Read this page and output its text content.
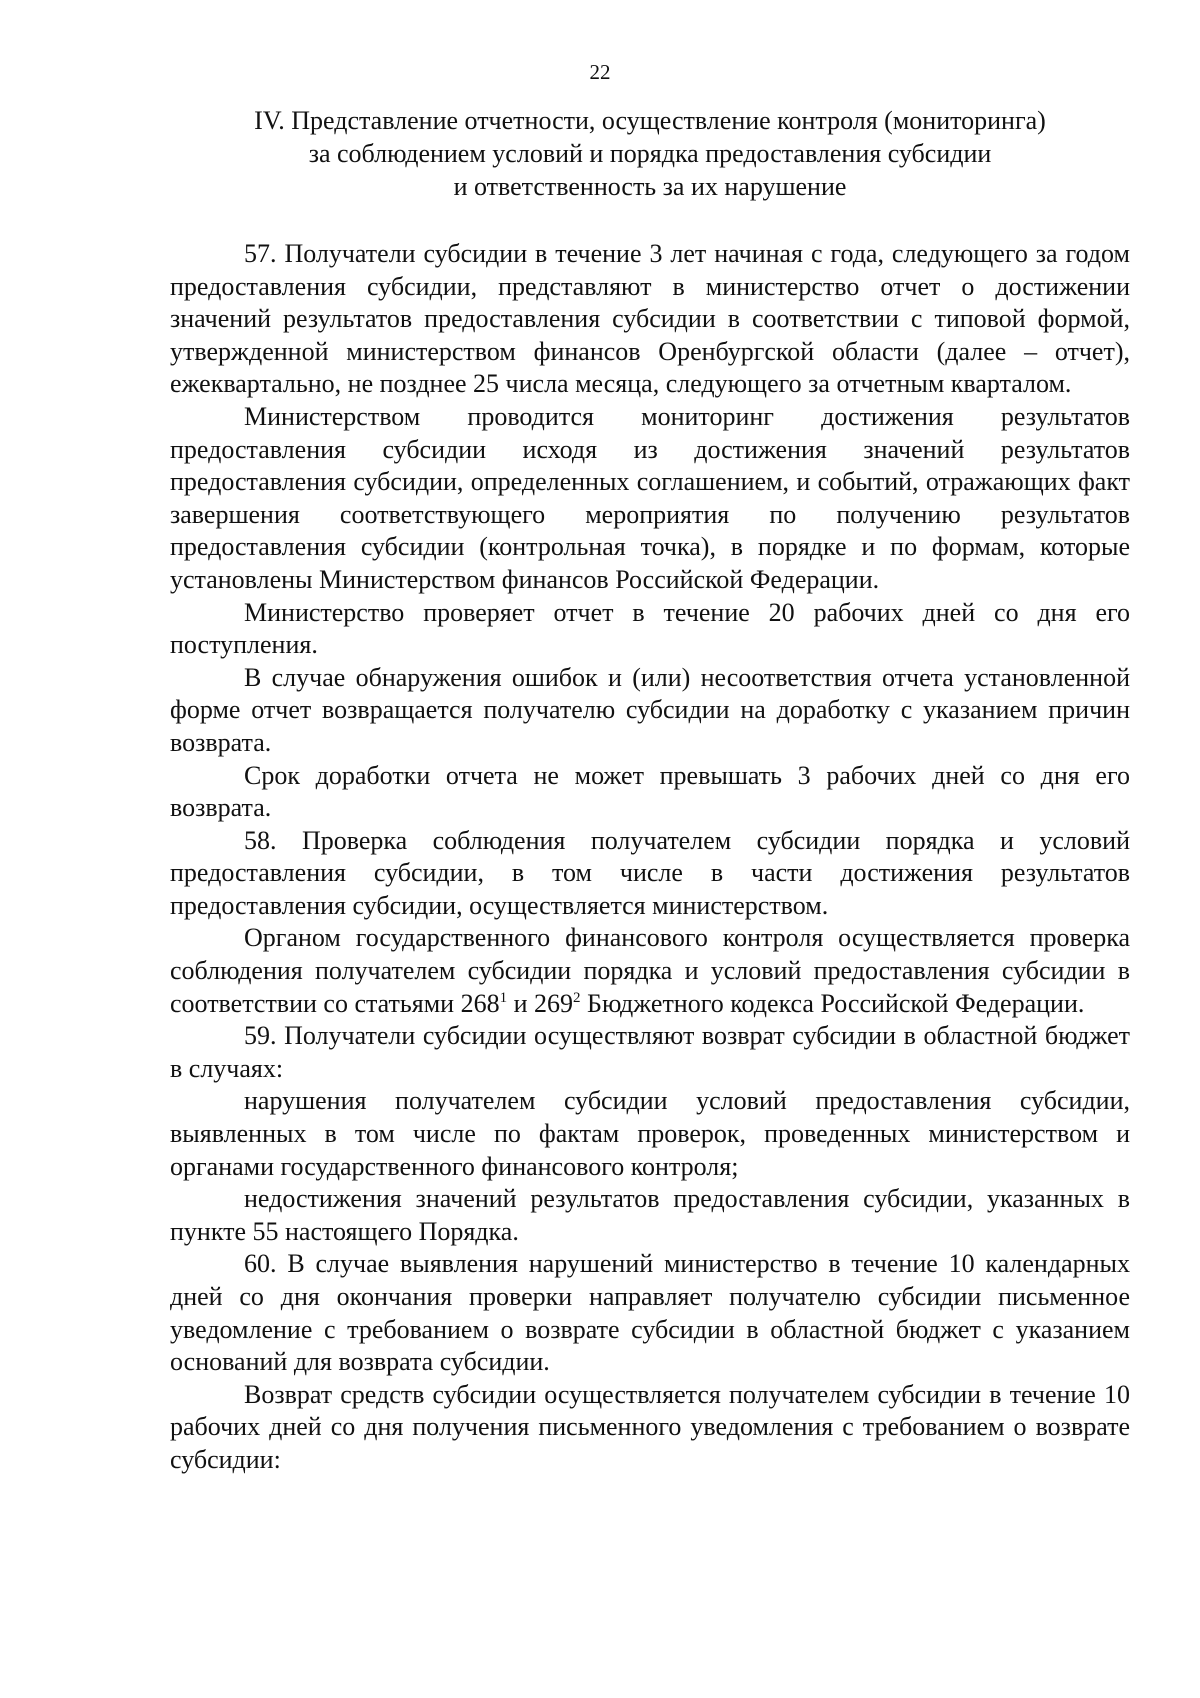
22
IV. Представление отчетности, осуществление контроля (мониторинга)
за соблюдением условий и порядка предоставления субсидии
и ответственность за их нарушение

57. Получатели субсидии в течение 3 лет начиная с года, следующего за годом предоставления субсидии, представляют в министерство отчет о достижении значений результатов предоставления субсидии в соответствии с типовой формой, утвержденной министерством финансов Оренбургской области (далее – отчет), ежеквартально, не позднее 25 числа месяца, следующего за отчетным кварталом.

Министерством проводится мониторинг достижения результатов предоставления субсидии исходя из достижения значений результатов предоставления субсидии, определенных соглашением, и событий, отражающих факт завершения соответствующего мероприятия по получению результатов предоставления субсидии (контрольная точка), в порядке и по формам, которые установлены Министерством финансов Российской Федерации.

Министерство проверяет отчет в течение 20 рабочих дней со дня его поступления.

В случае обнаружения ошибок и (или) несоответствия отчета установленной форме отчет возвращается получателю субсидии на доработку с указанием причин возврата.

Срок доработки отчета не может превышать 3 рабочих дней со дня его возврата.

58. Проверка соблюдения получателем субсидии порядка и условий предоставления субсидии, в том числе в части достижения результатов предоставления субсидии, осуществляется министерством.

Органом государственного финансового контроля осуществляется проверка соблюдения получателем субсидии порядка и условий предоставления субсидии в соответствии со статьями $268^1$ и $269^2$ Бюджетного кодекса Российской Федерации.

59. Получатели субсидии осуществляют возврат субсидии в областной бюджет в случаях:

нарушения получателем субсидии условий предоставления субсидии, выявленных в том числе по фактам проверок, проведенных министерством и органами государственного финансового контроля;

недостижения значений результатов предоставления субсидии, указанных в пункте 55 настоящего Порядка.

60. В случае выявления нарушений министерство в течение 10 календарных дней со дня окончания проверки направляет получателю субсидии письменное уведомление с требованием о возврате субсидии в областной бюджет с указанием оснований для возврата субсидии.

Возврат средств субсидии осуществляется получателем субсидии в течение 10 рабочих дней со дня получения письменного уведомления с требованием о возврате субсидии:
